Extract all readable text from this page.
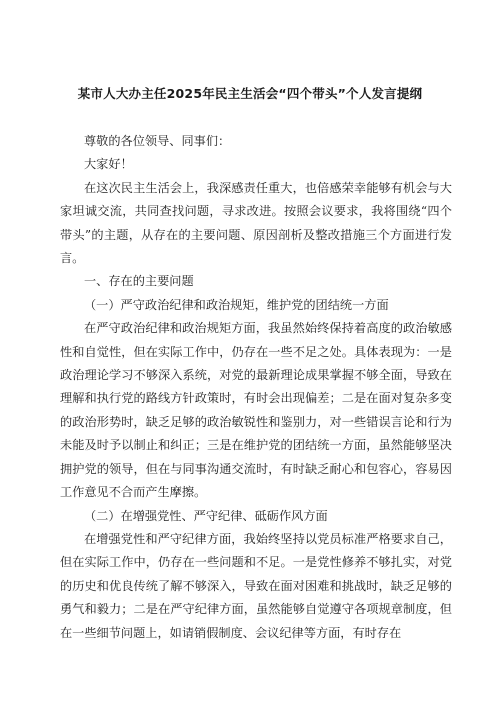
某市人大办主任2025年民主生活会“四个带头”个人发言提纲

尊敬的各位领导、同事们：

大家好！

在这次民主生活会上，我深感责任重大，也倍感荣幸能够有机会与大家坦诚交流，共同查找问题，寻求改进。按照会议要求，我将围绕“四个带头”的主题，从存在的主要问题、原因剖析及整改措施三个方面进行发言。

一、存在的主要问题

（一）严守政治纪律和政治规矩，维护党的团结统一方面

在严守政治纪律和政治规矩方面，我虽然始终保持着高度的政治敏感性和自觉性，但在实际工作中，仍存在一些不足之处。具体表现为：一是政治理论学习不够深入系统，对党的最新理论成果掌握不够全面，导致在理解和执行党的路线方针政策时，有时会出现偏差；二是在面对复杂多变的政治形势时，缺乏足够的政治敏锐性和鉴别力，对一些错误言论和行为未能及时予以制止和纠正；三是在维护党的团结统一方面，虽然能够坚决拥护党的领导，但在与同事沟通交流时，有时缺乏耐心和包容心，容易因工作意见不合而产生摩擦。

（二）在增强党性、严守纪律、砥砺作风方面

在增强党性和严守纪律方面，我始终坚持以党员标准严格要求自己，但在实际工作中，仍存在一些问题和不足。一是党性修养不够扎实，对党的历史和优良传统了解不够深入，导致在面对困难和挑战时，缺乏足够的勇气和毅力；二是在严守纪律方面，虽然能够自觉遵守各项规章制度，但在一些细节问题上，如请销假制度、会议纪律等方面，有时存在
